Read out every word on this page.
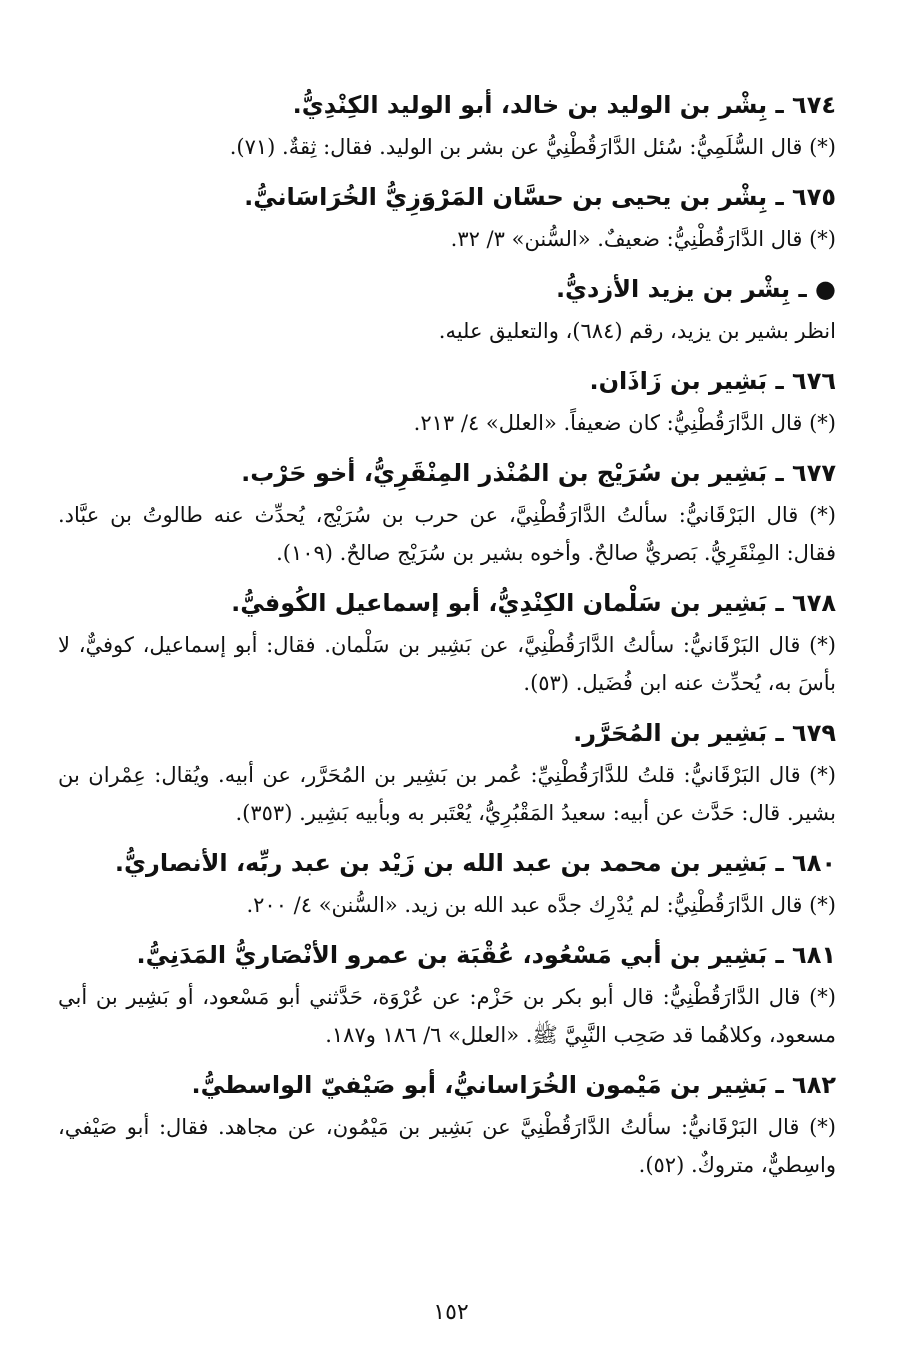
٦٧٤ ـ بِشْر بن الوليد بن خالد، أبو الوليد الكِنْدِيُّ.

(*) قال السُّلَمِيُّ: سُئل الدَّارَقُطْنِيُّ عن بشر بن الوليد. فقال: ثِقةٌ. (٧١).

٦٧٥ ـ بِشْر بن يحيى بن حسَّان المَرْوَزِيُّ الخُرَاسَانيُّ.

(*) قال الدَّارَقُطْنِيُّ: ضعيفٌ. «السُّنن» ٣/ ٣٢.

● ـ بِشْر بن يزيد الأزديُّ.

انظر بشير بن يزيد، رقم (٦٨٤)، والتعليق عليه.

٦٧٦ ـ بَشِير بن زَاذَان.

(*) قال الدَّارَقُطْنِيُّ: كان ضعيفاً. «العلل» ٤/ ٢١٣.

٦٧٧ ـ بَشِير بن سُرَيْج بن المُنْذر المِنْقَرِيُّ، أخو حَرْب.

(*) قال البَرْقَانيُّ: سألتُ الدَّارَقُطْنِيَّ، عن حرب بن سُرَيْج، يُحدِّث عنه طالوتُ بن عبَّاد. فقال: المِنْقَرِيُّ. بَصريٌّ صالحٌ. وأخوه بشير بن سُرَيْج صالحٌ. (١٠٩).

٦٧٨ ـ بَشِير بن سَلْمان الكِنْدِيُّ، أبو إسماعيل الكُوفيُّ.

(*) قال البَرْقَانيُّ: سألتُ الدَّارَقُطْنِيَّ، عن بَشِير بن سَلْمان. فقال: أبو إسماعيل، كوفيٌّ، لا بأسَ به، يُحدِّث عنه ابن فُضَيل. (٥٣).

٦٧٩ ـ بَشِير بن المُحَرَّر.

(*) قال البَرْقَانيُّ: قلتُ للدَّارَقُطْنِيِّ: عُمر بن بَشِير بن المُحَرَّر، عن أبيه. ويُقال: عِمْران بن بشير. قال: حَدَّث عن أبيه: سعيدُ المَقْبُرِيُّ، يُعْتَبر به وبأبيه بَشِير. (٣٥٣).

٦٨٠ ـ بَشِير بن محمد بن عبد الله بن زَيْد بن عبد ربِّه، الأنصاريُّ.

(*) قال الدَّارَقُطْنِيُّ: لم يُدْرِك جدَّه عبد الله بن زيد. «السُّنن» ٤/ ٢٠٠.

٦٨١ ـ بَشِير بن أبي مَسْعُود، عُقْبَة بن عمرو الأنْصَاريُّ المَدَنِيُّ.

(*) قال الدَّارَقُطْنِيُّ: قال أبو بكر بن حَزْم: عن عُرْوَة، حَدَّثني أبو مَسْعود، أو بَشِير بن أبي مسعود، وكلاهُما قد صَحِب النَّبِيَّ ﷺ. «العلل» ٦/ ١٨٦ و١٨٧.

٦٨٢ ـ بَشِير بن مَيْمون الخُرَاسانيُّ، أبو صَيْفيّ الواسطيُّ.

(*) قال البَرْقَانيُّ: سألتُ الدَّارَقُطْنِيَّ عن بَشِير بن مَيْمُون، عن مجاهد. فقال: أبو صَيْفي، واسِطيٌّ، متروكٌ. (٥٢).

١٥٢
